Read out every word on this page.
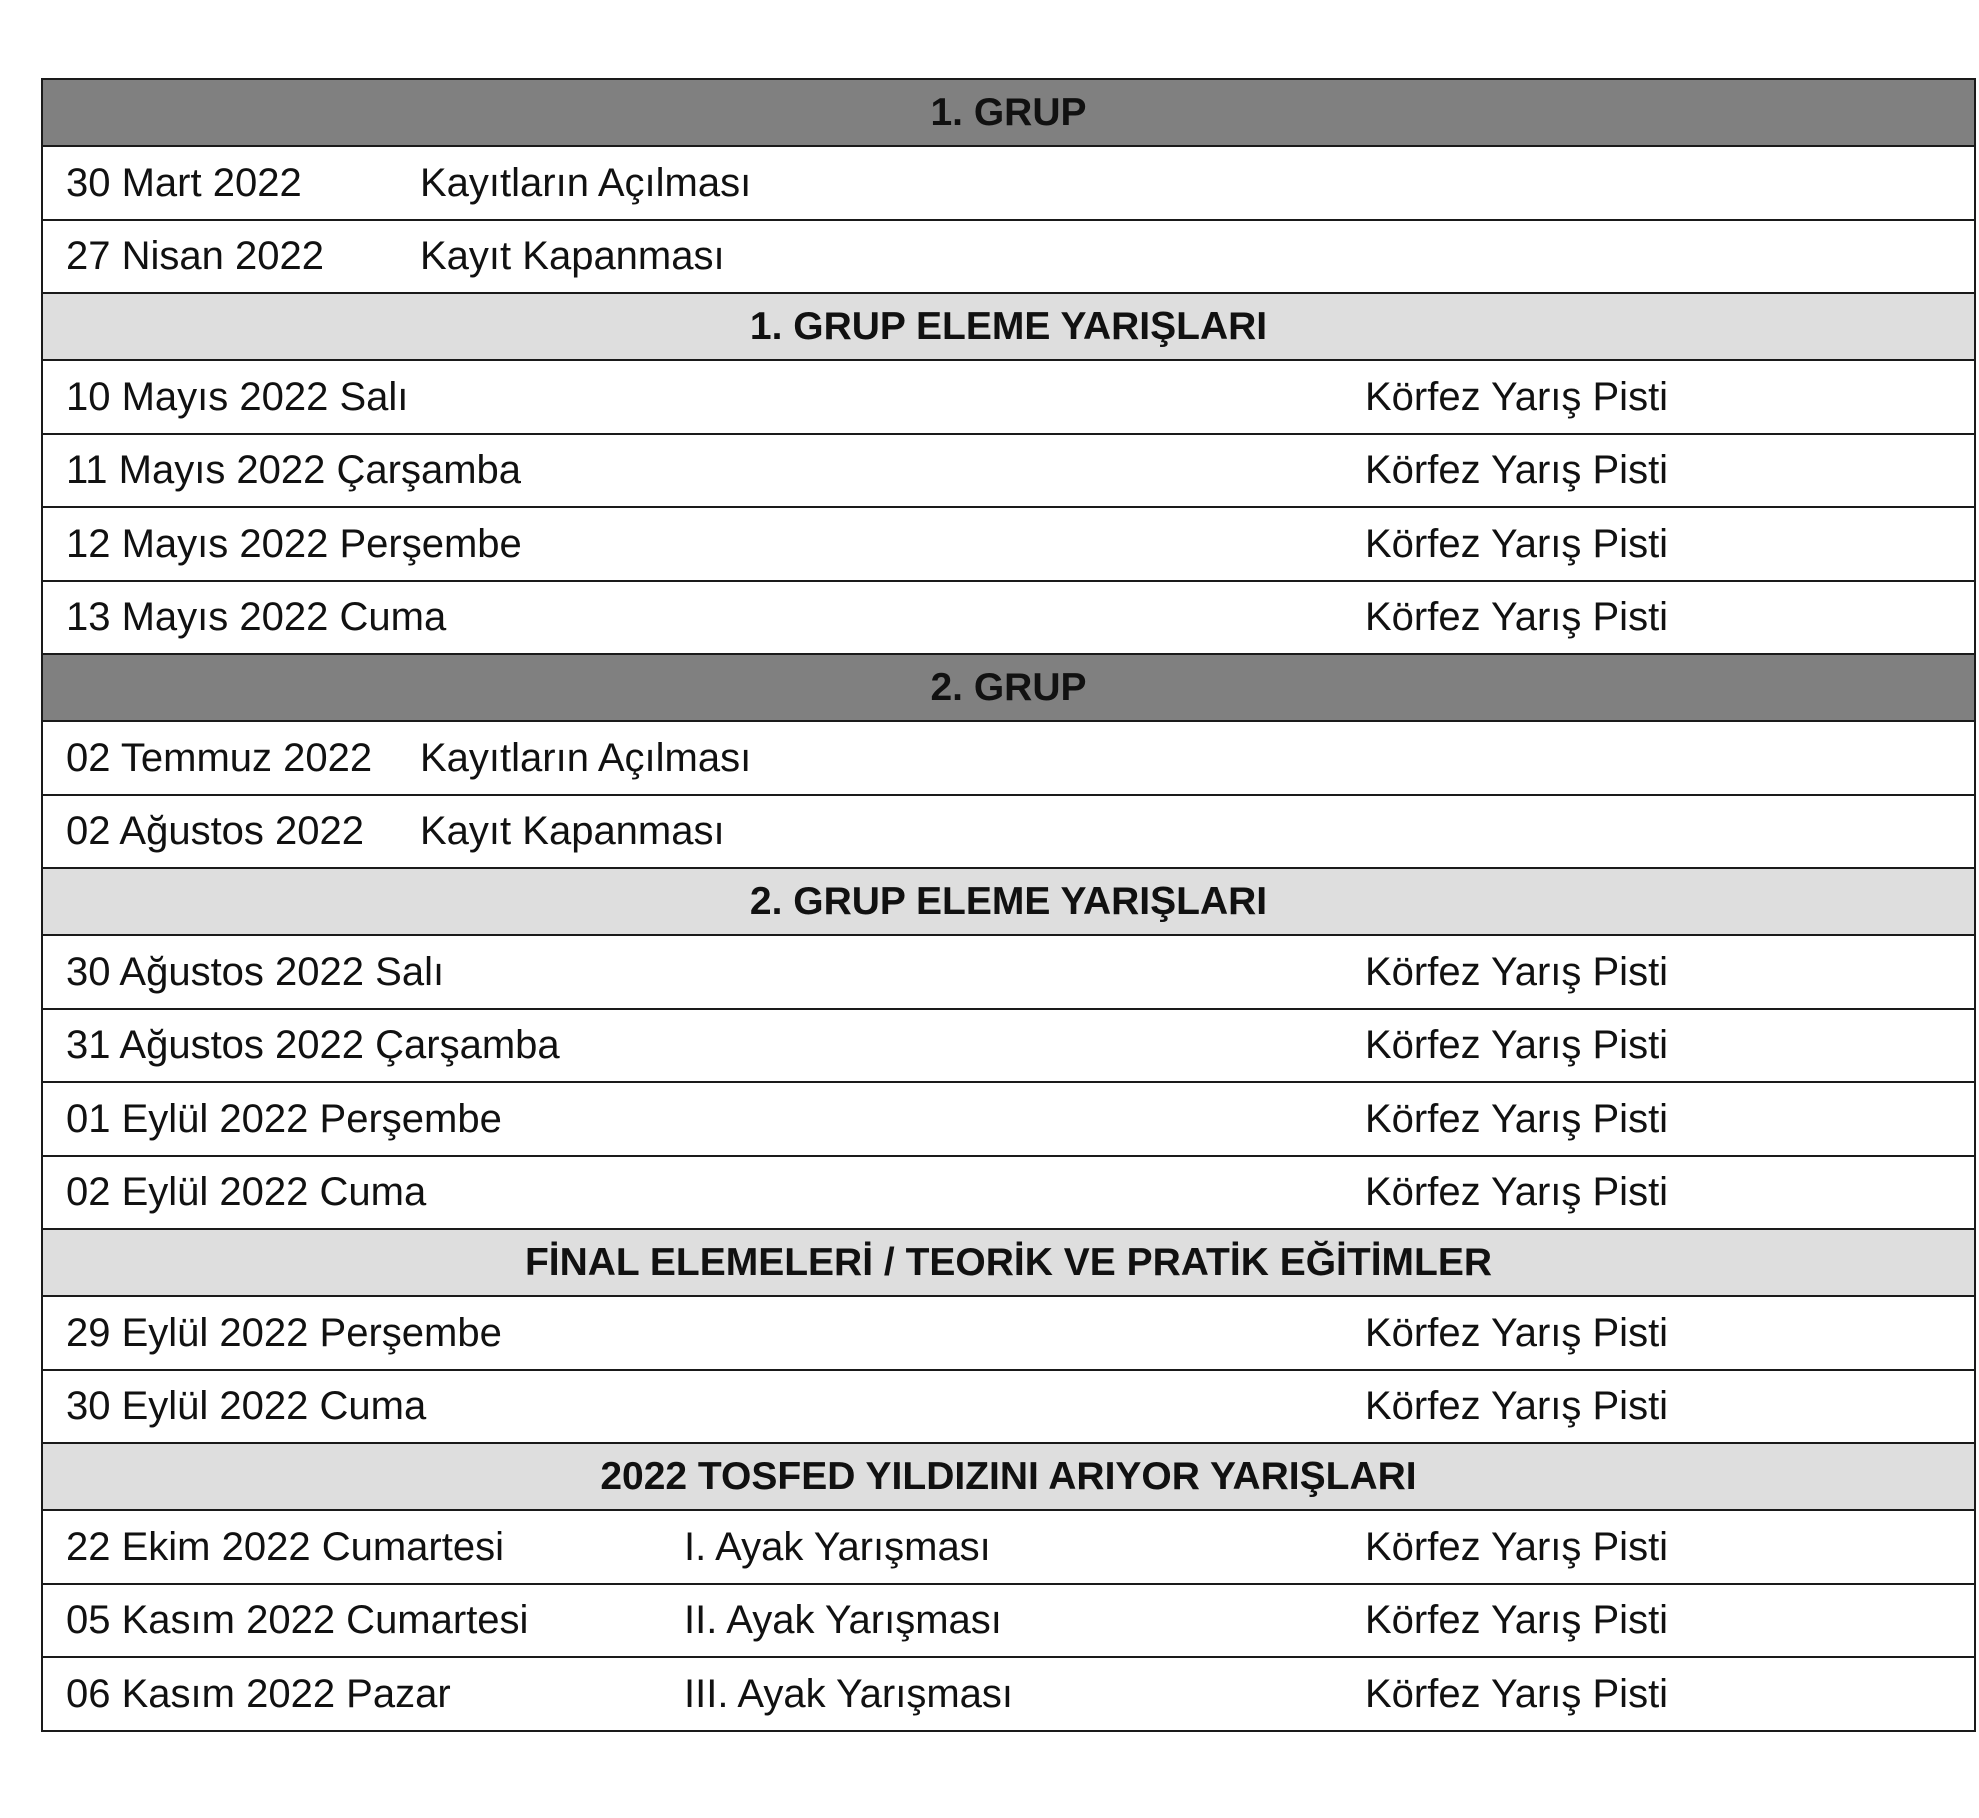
1. GRUP
30 Mart 2022	Kayıtların Açılması
27 Nisan 2022 Kayıt Kapanması
1. GRUP ELEME YARIŞLARI
10 Mayıs 2022 Salı	Körfez Yarış Pisti
11 Mayıs 2022 Çarşamba	Körfez Yarış Pisti
12 Mayıs 2022 Perşembe	Körfez Yarış Pisti
13 Mayıs 2022 Cuma	Körfez Yarış Pisti
2. GRUP
02 Temmuz 2022 Kayıtların Açılması
02 Ağustos 2022 Kayıt Kapanması
2. GRUP ELEME YARIŞLARI
30 Ağustos 2022 Salı	Körfez Yarış Pisti
31 Ağustos 2022 Çarşamba	Körfez Yarış Pisti
01 Eylül 2022 Perşembe	Körfez Yarış Pisti
02 Eylül 2022 Cuma	Körfez Yarış Pisti
FİNAL ELEMELERİ / TEORİK VE PRATİK EĞİTİMLER
29 Eylül 2022 Perşembe	Körfez Yarış Pisti
30 Eylül 2022 Cuma	Körfez Yarış Pisti
2022 TOSFED YILDIZINI ARIYOR YARIŞLARI
22 Ekim 2022 Cumartesi	I. Ayak Yarışması	Körfez Yarış Pisti
05 Kasım 2022 Cumartesi	II. Ayak Yarışması	Körfez Yarış Pisti
06 Kasım 2022 Pazar	III. Ayak Yarışması	Körfez Yarış Pisti
